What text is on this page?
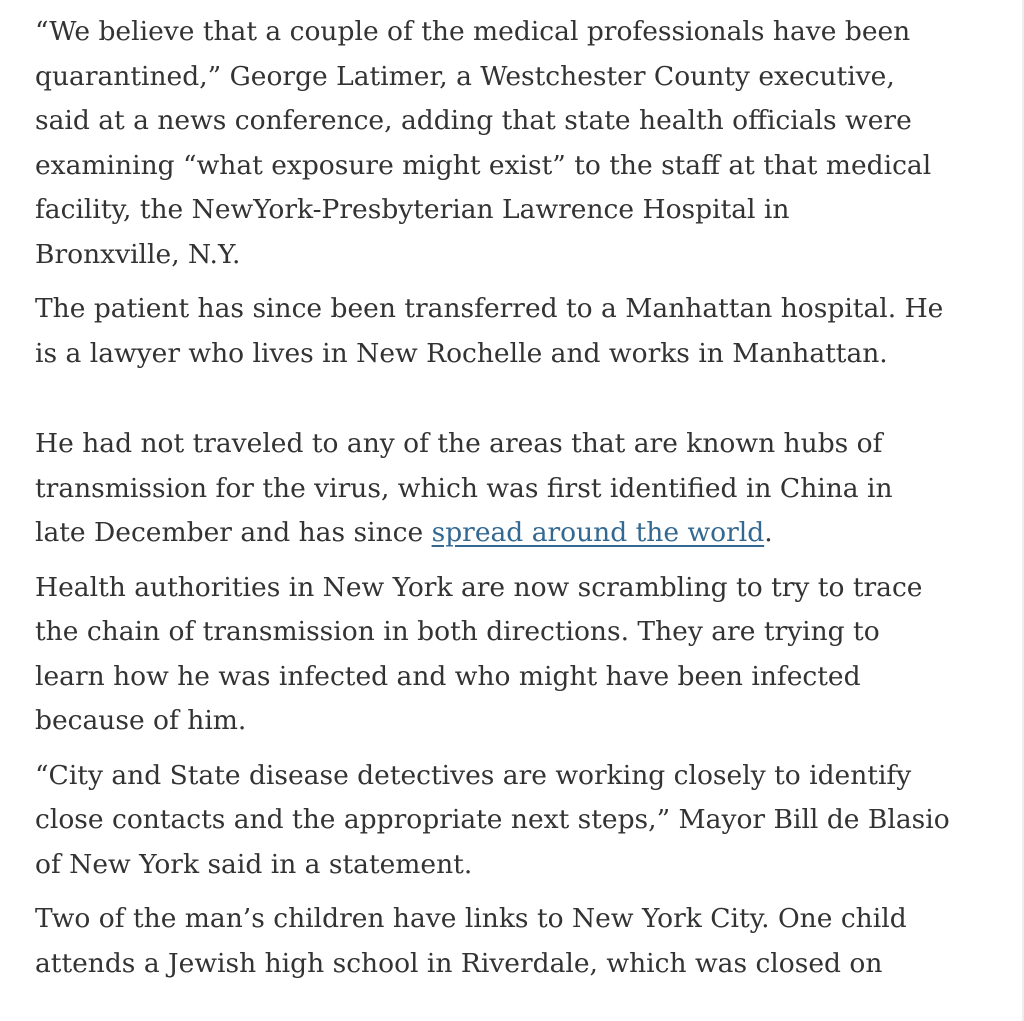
“We believe that a couple of the medical professionals have been
quarantined,” George Latimer, a Westchester County executive,
said at a news conference, adding that state health officials were
examining “what exposure might exist” to the staff at that medical
facility, the NewYork-Presbyterian Lawrence Hospital in
Bronxville, N.Y.

The patient has since been transferred to a Manhattan hospital. He
is a lawyer who lives in New Rochelle and works in Manhattan.

He had not traveled to any of the areas that are known hubs of
transmission for the virus, which was first identified in China in
late December and has since spread around the world.

Health authorities in New York are now scrambling to try to trace
the chain of transmission in both directions. They are trying to
learn how he was infected and who might have been infected
because of him.

“City and State disease detectives are working closely to identify
close contacts and the appropriate next steps,” Mayor Bill de Blasio
of New York said in a statement.

Two of the man’s children have links to New York City. One child
attends a Jewish high school in Riverdale, which was closed on
